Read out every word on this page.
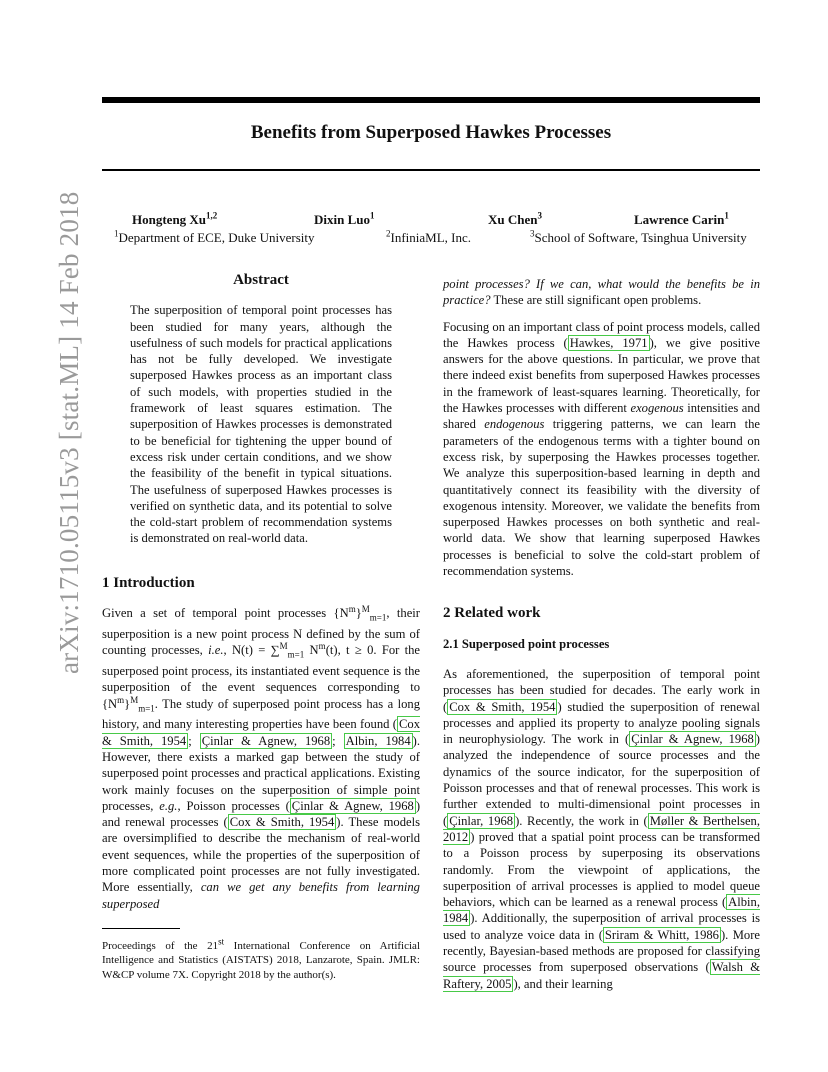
arXiv:1710.05115v3 [stat.ML] 14 Feb 2018
Benefits from Superposed Hawkes Processes
Hongteng Xu$^{1,2}$	Dixin Luo$^1$	Xu Chen$^3$	Lawrence Carin$^1$
$^1$Department of ECE, Duke University	$^2$InfiniaML, Inc.	$^3$School of Software, Tsinghua University
Abstract

The superposition of temporal point processes has been studied for many years, although the usefulness of such models for practical applications has not be fully developed. We investigate superposed Hawkes process as an important class of such models, with properties studied in the framework of least squares estimation. The superposition of Hawkes processes is demonstrated to be beneficial for tightening the upper bound of excess risk under certain conditions, and we show the feasibility of the benefit in typical situations. The usefulness of superposed Hawkes processes is verified on synthetic data, and its potential to solve the cold-start problem of recommendation systems is demonstrated on real-world data.

1 Introduction

Given a set of temporal point processes $\{N^m\}^M_{m=1}$, their superposition is a new point process N defined by the sum of counting processes, i.e., N(t) = ∑$^M_{m=1}$ $N^m(t)$, t ≥ 0. For the superposed point process, its instantiated event sequence is the superposition of the event sequences corresponding to $\{N^m\}^M_{m=1}$. The study of superposed point process has a long history, and many interesting properties have been found ( Cox & Smith, 1954 ; Çinlar & Agnew, 1968 ; Albin, 1984 ). However, there exists a marked gap between the study of superposed point processes and practical applications. Existing work mainly focuses on the superposition of simple point processes, e.g., Poisson processes ( Çinlar & Agnew, 1968 ) and renewal processes ( Cox & Smith, 1954 ). These models are oversimplified to describe the mechanism of real-world event sequences, while the properties of the superposition of more complicated point processes are not fully investigated. More essentially, can we get any benefits from learning superposed

Proceedings of the 21st International Conference on Artificial Intelligence and Statistics (AISTATS) 2018, Lanzarote, Spain. JMLR: W&CP volume 7X. Copyright 2018 by the author(s).

point processes? If we can, what would the benefits be in practice? These are still significant open problems.

Focusing on an important class of point process models, called the Hawkes process ( Hawkes, 1971 ), we give positive answers for the above questions. In particular, we prove that there indeed exist benefits from superposed Hawkes processes in the framework of least-squares learning. Theoretically, for the Hawkes processes with different exogenous intensities and shared endogenous triggering patterns, we can learn the parameters of the endogenous terms with a tighter bound on excess risk, by superposing the Hawkes processes together. We analyze this superposition-based learning in depth and quantitatively connect its feasibility with the diversity of exogenous intensity. Moreover, we validate the benefits from superposed Hawkes processes on both synthetic and real-world data. We show that learning superposed Hawkes processes is beneficial to solve the cold-start problem of recommendation systems.

2 Related work
2.1 Superposed point processes

As aforementioned, the superposition of temporal point processes has been studied for decades. The early work in ( Cox & Smith, 1954 ) studied the superposition of renewal processes and applied its property to analyze pooling signals in neurophysiology. The work in ( Çinlar & Agnew, 1968 ) analyzed the independence of source processes and the dynamics of the source indicator, for the superposition of Poisson processes and that of renewal processes. This work is further extended to multi-dimensional point processes in ( Çinlar, 1968 ). Recently, the work in ( Møller & Berthelsen, 2012 ) proved that a spatial point process can be transformed to a Poisson process by superposing its observations randomly. From the viewpoint of applications, the superposition of arrival processes is applied to model queue behaviors, which can be learned as a renewal process ( Albin, 1984 ). Additionally, the superposition of arrival processes is used to analyze voice data in ( Sriram & Whitt, 1986 ). More recently, Bayesian-based methods are proposed for classifying source processes from superposed observations ( Walsh & Raftery, 2005 ), and their learning
